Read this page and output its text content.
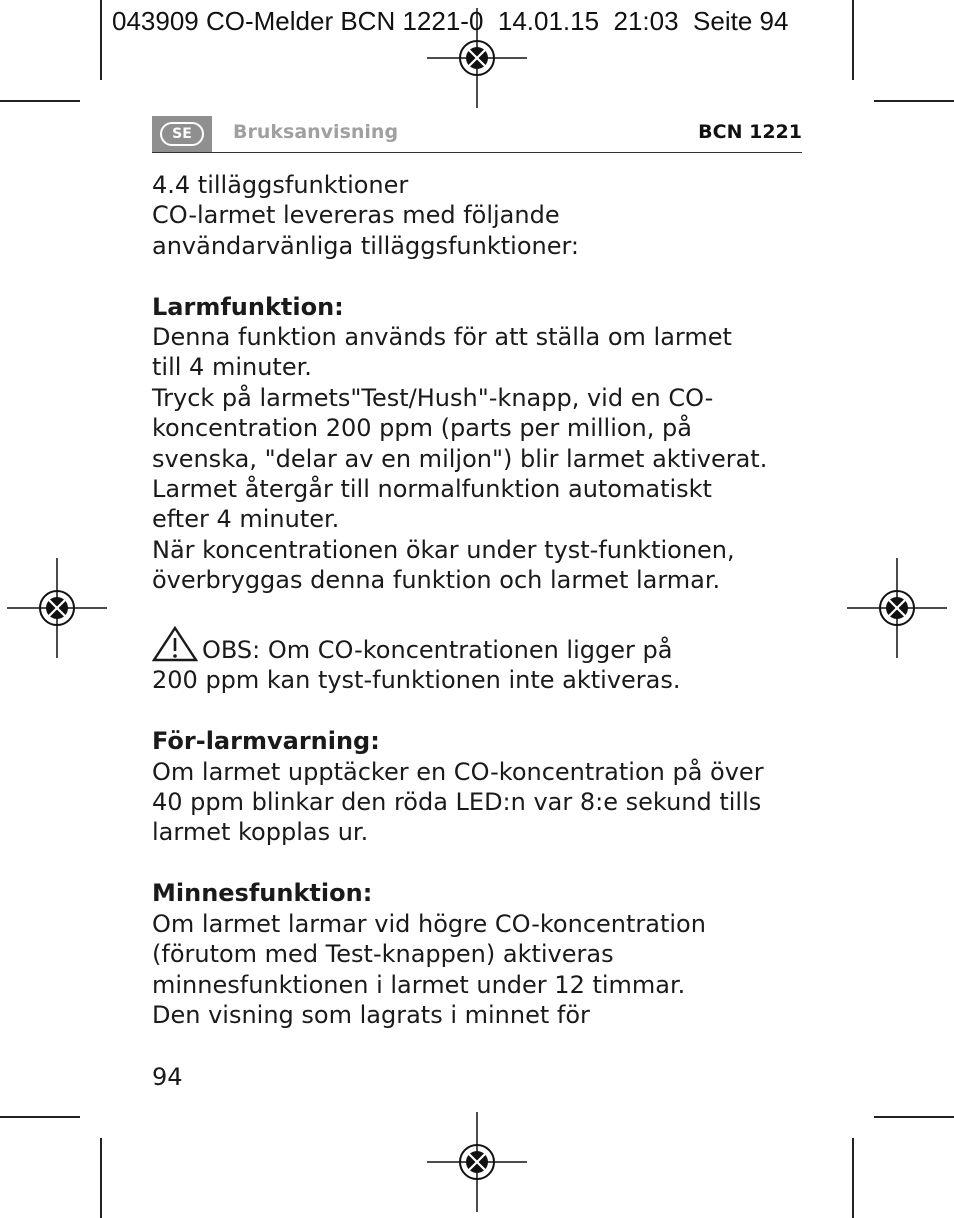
043909 CO-Melder BCN 1221-0  14.01.15  21:03  Seite 94
SE	Bruksanvisning	BCN 1221

4.4 tilläggsfunktioner

CO-larmet levereras med följande

användarvänliga tilläggsfunktioner:

Larmfunktion:

Denna funktion används för att ställa om larmet

till 4 minuter.

Tryck på larmets"Test/Hush"-knapp, vid en CO-

koncentration 200 ppm (parts per million, på

svenska, "delar av en miljon") blir larmet aktiverat.

Larmet återgår till normalfunktion automatiskt

efter 4 minuter.

När koncentrationen ökar under tyst-funktionen,

överbryggas denna funktion och larmet larmar.

OBS: Om CO-koncentrationen ligger på

200 ppm kan tyst-funktionen inte aktiveras.

För-larmvarning:

Om larmet upptäcker en CO-koncentration på över

40 ppm blinkar den röda LED:n var 8:e sekund tills

larmet kopplas ur.

Minnesfunktion:

Om larmet larmar vid högre CO-koncentration

(förutom med Test-knappen) aktiveras

minnesfunktionen i larmet under 12 timmar.

Den visning som lagrats i minnet för

94
